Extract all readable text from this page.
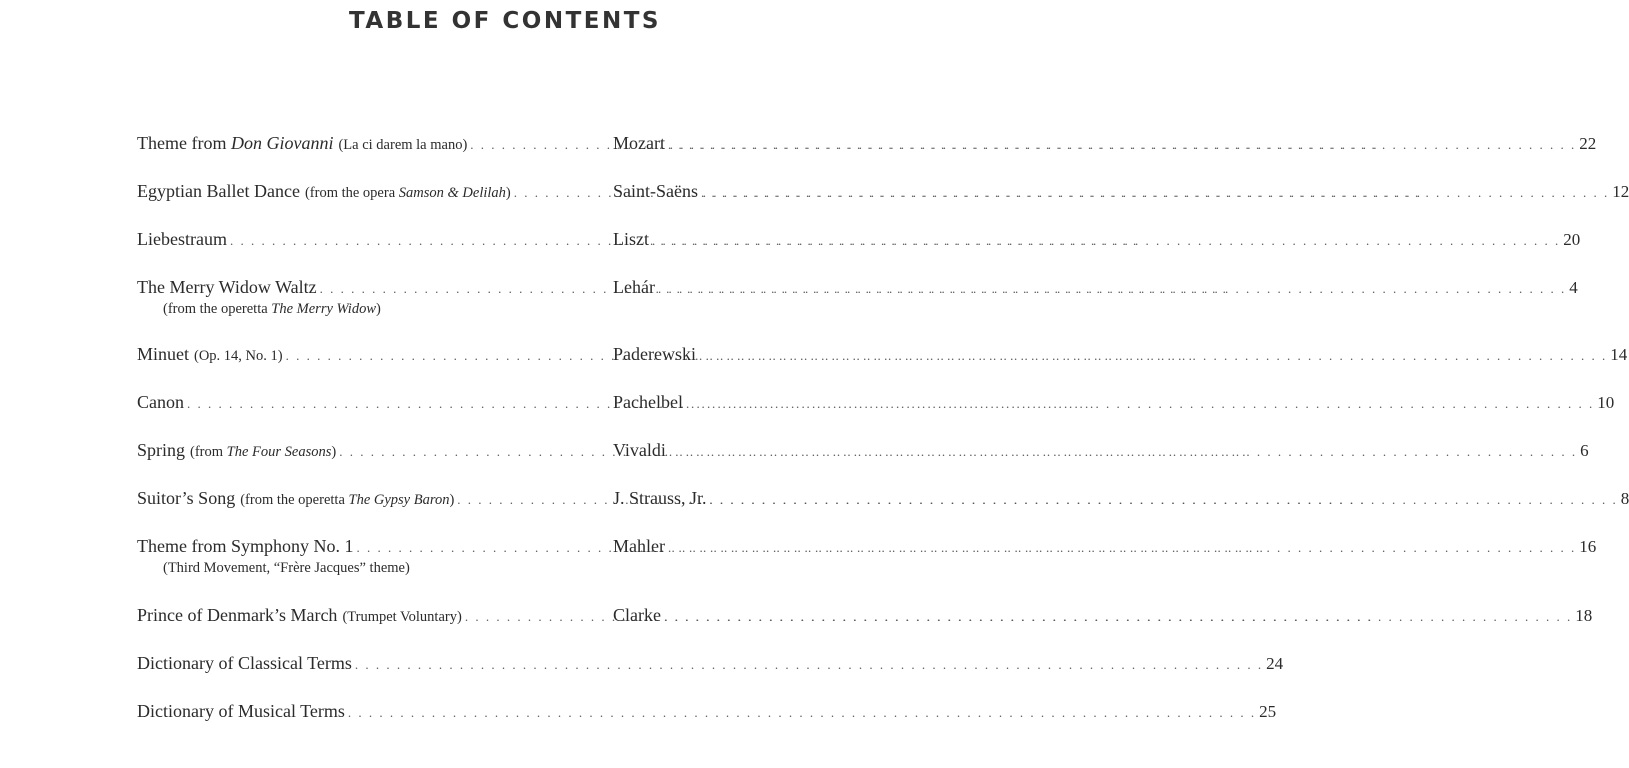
TABLE OF CONTENTS
Theme from Don Giovanni (La ci darem la mano) . . .	Mozart . . .	22
Egyptian Ballet Dance (from the opera Samson & Delilah) . . .	Saint-Saëns . . .	12
Liebestraum . . .	Liszt . . .	20
The Merry Widow Waltz . . .	Lehár . . .	4
(from the operetta The Merry Widow)
Minuet (Op. 14, No. 1) . . .	Paderewski . . .	14
Canon . . .	Pachelbel . . .	10
Spring (from The Four Seasons) . . .	Vivaldi . . .	6
Suitor’s Song (from the operetta The Gypsy Baron) . . .	J. Strauss, Jr. . . .	8
Theme from Symphony No. 1 . . .	Mahler . . .	16
(Third Movement, “Frère Jacques” theme)
Prince of Denmark’s March (Trumpet Voluntary) . . .	Clarke . . .	18
Dictionary of Classical Terms . . .	24
Dictionary of Musical Terms . . .	25
